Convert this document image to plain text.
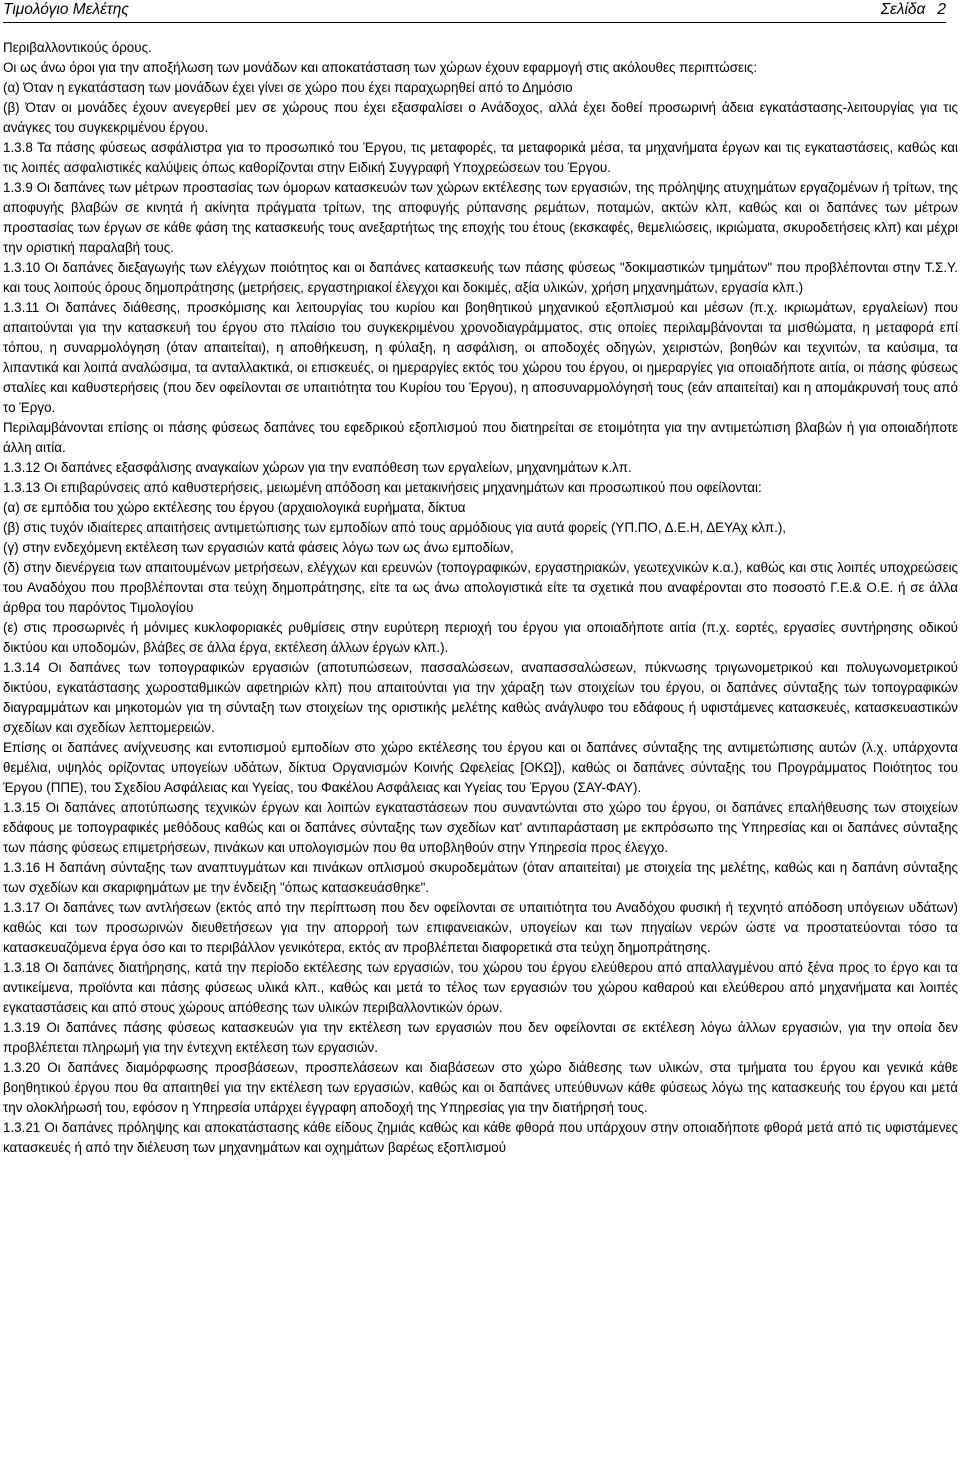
Τιμολόγιο Μελέτης	Σελίδα 2

Περιβαλλοντικούς όρους.

Οι ως άνω όροι για την αποξήλωση των μονάδων και αποκατάσταση των χώρων έχουν εφαρμογή στις ακόλουθες περιπτώσεις:

(α) Όταν η εγκατάσταση των μονάδων έχει γίνει σε χώρο που έχει παραχωρηθεί από το Δημόσιο

(β) Όταν οι μονάδες έχουν ανεγερθεί μεν σε χώρους που έχει εξασφαλίσει ο Ανάδοχος, αλλά έχει δοθεί προσωρινή άδεια εγκατάστασης-λειτουργίας για τις ανάγκες του συγκεκριμένου έργου.

1.3.8 Τα πάσης φύσεως ασφάλιστρα για το προσωπικό του Έργου, τις μεταφορές, τα μεταφορικά μέσα, τα μηχανήματα έργων και τις εγκαταστάσεις, καθώς και τις λοιπές ασφαλιστικές καλύψεις όπως καθορίζονται στην Ειδική Συγγραφή Υποχρεώσεων του Έργου.

1.3.9 Οι δαπάνες των μέτρων προστασίας των όμορων κατασκευών των χώρων εκτέλεσης των εργασιών, της πρόληψης ατυχημάτων εργαζομένων ή τρίτων, της αποφυγής βλαβών σε κινητά ή ακίνητα πράγματα τρίτων, της αποφυγής ρύπανσης ρεμάτων, ποταμών, ακτών κλπ, καθώς και οι δαπάνες των μέτρων προστασίας των έργων σε κάθε φάση της κατασκευής τους ανεξαρτήτως της εποχής του έτους (εκσκαφές, θεμελιώσεις, ικριώματα, σκυροδετήσεις κλπ) και μέχρι την οριστική παραλαβή τους.

1.3.10 Οι δαπάνες διεξαγωγής των ελέγχων ποιότητος και οι δαπάνες κατασκευής των πάσης φύσεως "δοκιμαστικών τμημάτων" που προβλέπονται στην Τ.Σ.Υ. και τους λοιπούς όρους δημοπράτησης (μετρήσεις, εργαστηριακοί έλεγχοι και δοκιμές, αξία υλικών, χρήση μηχανημάτων, εργασία κλπ.)

1.3.11 Οι δαπάνες διάθεσης, προσκόμισης και λειτουργίας του κυρίου και βοηθητικού μηχανικού εξοπλισμού και μέσων (π.χ. ικριωμάτων, εργαλείων) που απαιτούνται για την κατασκευή του έργου στο πλαίσιο του συγκεκριμένου χρονοδιαγράμματος, στις οποίες περιλαμβάνονται τα μισθώματα, η μεταφορά επί τόπου, η συναρμολόγηση (όταν απαιτείται), η αποθήκευση, η φύλαξη, η ασφάλιση, οι αποδοχές οδηγών, χειριστών, βοηθών και τεχνιτών, τα καύσιμα, τα λιπαντικά και λοιπά αναλώσιμα, τα ανταλλακτικά, οι επισκευές, οι ημεραργίες εκτός του χώρου του έργου, οι ημεραργίες για οποιαδήποτε αιτία, οι πάσης φύσεως σταλίες και καθυστερήσεις (που δεν οφείλονται σε υπαιτιότητα του Κυρίου του Έργου), η αποσυναρμολόγησή τους (εάν απαιτείται) και η απομάκρυνσή τους από το Έργο.

Περιλαμβάνονται επίσης οι πάσης φύσεως δαπάνες του εφεδρικού εξοπλισμού που διατηρείται σε ετοιμότητα για την αντιμετώπιση βλαβών ή για οποιαδήποτε άλλη αιτία.

1.3.12 Οι δαπάνες εξασφάλισης αναγκαίων χώρων για την εναπόθεση των εργαλείων, μηχανημάτων κ.λπ.

1.3.13 Οι επιβαρύνσεις από καθυστερήσεις, μειωμένη απόδοση και μετακινήσεις μηχανημάτων και προσωπικού που οφείλονται:

(α) σε εμπόδια του χώρο εκτέλεσης του έργου (αρχαιολογικά ευρήματα, δίκτυα

(β) στις τυχόν ιδιαίτερες απαιτήσεις αντιμετώπισης των εμποδίων από τους αρμόδιους για αυτά φορείς (ΥΠ.ΠΟ, Δ.Ε.Η, ΔΕΥΑχ κλπ.),

(γ) στην ενδεχόμενη εκτέλεση των εργασιών κατά φάσεις λόγω των ως άνω εμποδίων,

(δ) στην διενέργεια των απαιτουμένων μετρήσεων, ελέγχων και ερευνών (τοπογραφικών, εργαστηριακών, γεωτεχνικών κ.α.), καθώς και στις λοιπές υποχρεώσεις του Αναδόχου που προβλέπονται στα τεύχη δημοπράτησης, είτε τα ως άνω απολογιστικά είτε τα σχετικά που αναφέρονται στο ποσοστό Γ.Ε.& Ο.Ε. ή σε άλλα άρθρα του παρόντος Τιμολογίου

(ε) στις προσωρινές ή μόνιμες κυκλοφοριακές ρυθμίσεις στην ευρύτερη περιοχή του έργου για οποιαδήποτε αιτία (π.χ. εορτές, εργασίες συντήρησης οδικού δικτύου και υποδομών, βλάβες σε άλλα έργα, εκτέλεση άλλων έργων κλπ.).

1.3.14 Οι δαπάνες των τοπογραφικών εργασιών (αποτυπώσεων, πασσαλώσεων, αναπασσαλώσεων, πύκνωσης τριγωνομετρικού και πολυγωνομετρικού δικτύου, εγκατάστασης χωροσταθμικών αφετηριών κλπ) που απαιτούνται για την χάραξη των στοιχείων του έργου, οι δαπάνες σύνταξης των τοπογραφικών διαγραμμάτων και μηκοτομών για τη σύνταξη των στοιχείων της οριστικής μελέτης καθώς ανάγλυφο του εδάφους ή υφιστάμενες κατασκευές, κατασκευαστικών σχεδίων και σχεδίων λεπτομερειών.

Επίσης οι δαπάνες ανίχνευσης και εντοπισμού εμποδίων στο χώρο εκτέλεσης του έργου και οι δαπάνες σύνταξης της αντιμετώπισης αυτών (λ.χ. υπάρχοντα θεμέλια, υψηλός ορίζοντας υπογείων υδάτων, δίκτυα Οργανισμών Κοινής Ωφελείας [ΟΚΩ]), καθώς οι δαπάνες σύνταξης του Προγράμματος Ποιότητος του Έργου (ΠΠΕ), του Σχεδίου Ασφάλειας και Υγείας, του Φακέλου Ασφάλειας και Υγείας του Έργου (ΣΑΥ-ΦΑΥ).

1.3.15 Οι δαπάνες αποτύπωσης τεχνικών έργων και λοιπών εγκαταστάσεων που συναντώνται στο χώρο του έργου, οι δαπάνες επαλήθευσης των στοιχείων εδάφους με τοπογραφικές μεθόδους καθώς και οι δαπάνες σύνταξης των σχεδίων κατ' αντιπαράσταση με εκπρόσωπο της Υπηρεσίας και οι δαπάνες σύνταξης των πάσης φύσεως επιμετρήσεων, πινάκων και υπολογισμών που θα υποβληθούν στην Υπηρεσία προς έλεγχο.

1.3.16 Η δαπάνη σύνταξης των αναπτυγμάτων και πινάκων οπλισμού σκυροδεμάτων (όταν απαιτείται) με στοιχεία της μελέτης, καθώς και η δαπάνη σύνταξης των σχεδίων και σκαριφημάτων με την ένδειξη "όπως κατασκευάσθηκε".

1.3.17 Οι δαπάνες των αντλήσεων (εκτός από την περίπτωση που δεν οφείλονται σε υπαιτιότητα του Αναδόχου φυσική ή τεχνητό απόδοση υπόγειων υδάτων) καθώς και των προσωρινών διευθετήσεων για την απορροή των επιφανειακών, υπογείων και των πηγαίων νερών ώστε να προστατεύονται τόσο τα κατασκευαζόμενα έργα όσο και το περιβάλλον γενικότερα, εκτός αν προβλέπεται διαφορετικά στα τεύχη δημοπράτησης.

1.3.18 Οι δαπάνες διατήρησης, κατά την περίοδο εκτέλεσης των εργασιών, του χώρου του έργου ελεύθερου από απαλλαγμένου από ξένα προς το έργο και τα αντικείμενα, προϊόντα και πάσης φύσεως υλικά κλπ., καθώς και μετά το τέλος των εργασιών του χώρου καθαρού και ελεύθερου από μηχανήματα και λοιπές εγκαταστάσεις και από στους χώρους απόθεσης των υλικών περιβαλλοντικών όρων.

1.3.19 Οι δαπάνες πάσης φύσεως κατασκευών για την εκτέλεση των εργασιών που δεν οφείλονται σε εκτέλεση λόγω άλλων εργασιών, για την οποία δεν προβλέπεται πληρωμή για την έντεχνη εκτέλεση των εργασιών.

1.3.20 Οι δαπάνες διαμόρφωσης προσβάσεων, προσπελάσεων και διαβάσεων στο χώρο διάθεσης των υλικών, στα τμήματα του έργου και γενικά κάθε βοηθητικού έργου που θα απαιτηθεί για την εκτέλεση των εργασιών, καθώς και οι δαπάνες υπεύθυνων κάθε φύσεως λόγω της κατασκευής του έργου και μετά την ολοκλήρωσή του, εφόσον η Υπηρεσία υπάρχει έγγραφη αποδοχή της Υπηρεσίας για την διατήρησή τους.

1.3.21 Οι δαπάνες πρόληψης και αποκατάστασης κάθε είδους ζημιάς καθώς και κάθε φθορά που υπάρχουν στην οποιαδήποτε φθορά μετά από τις υφιστάμενες κατασκευές ή από την διέλευση των μηχανημάτων και οχημάτων βαρέως εξοπλισμού
